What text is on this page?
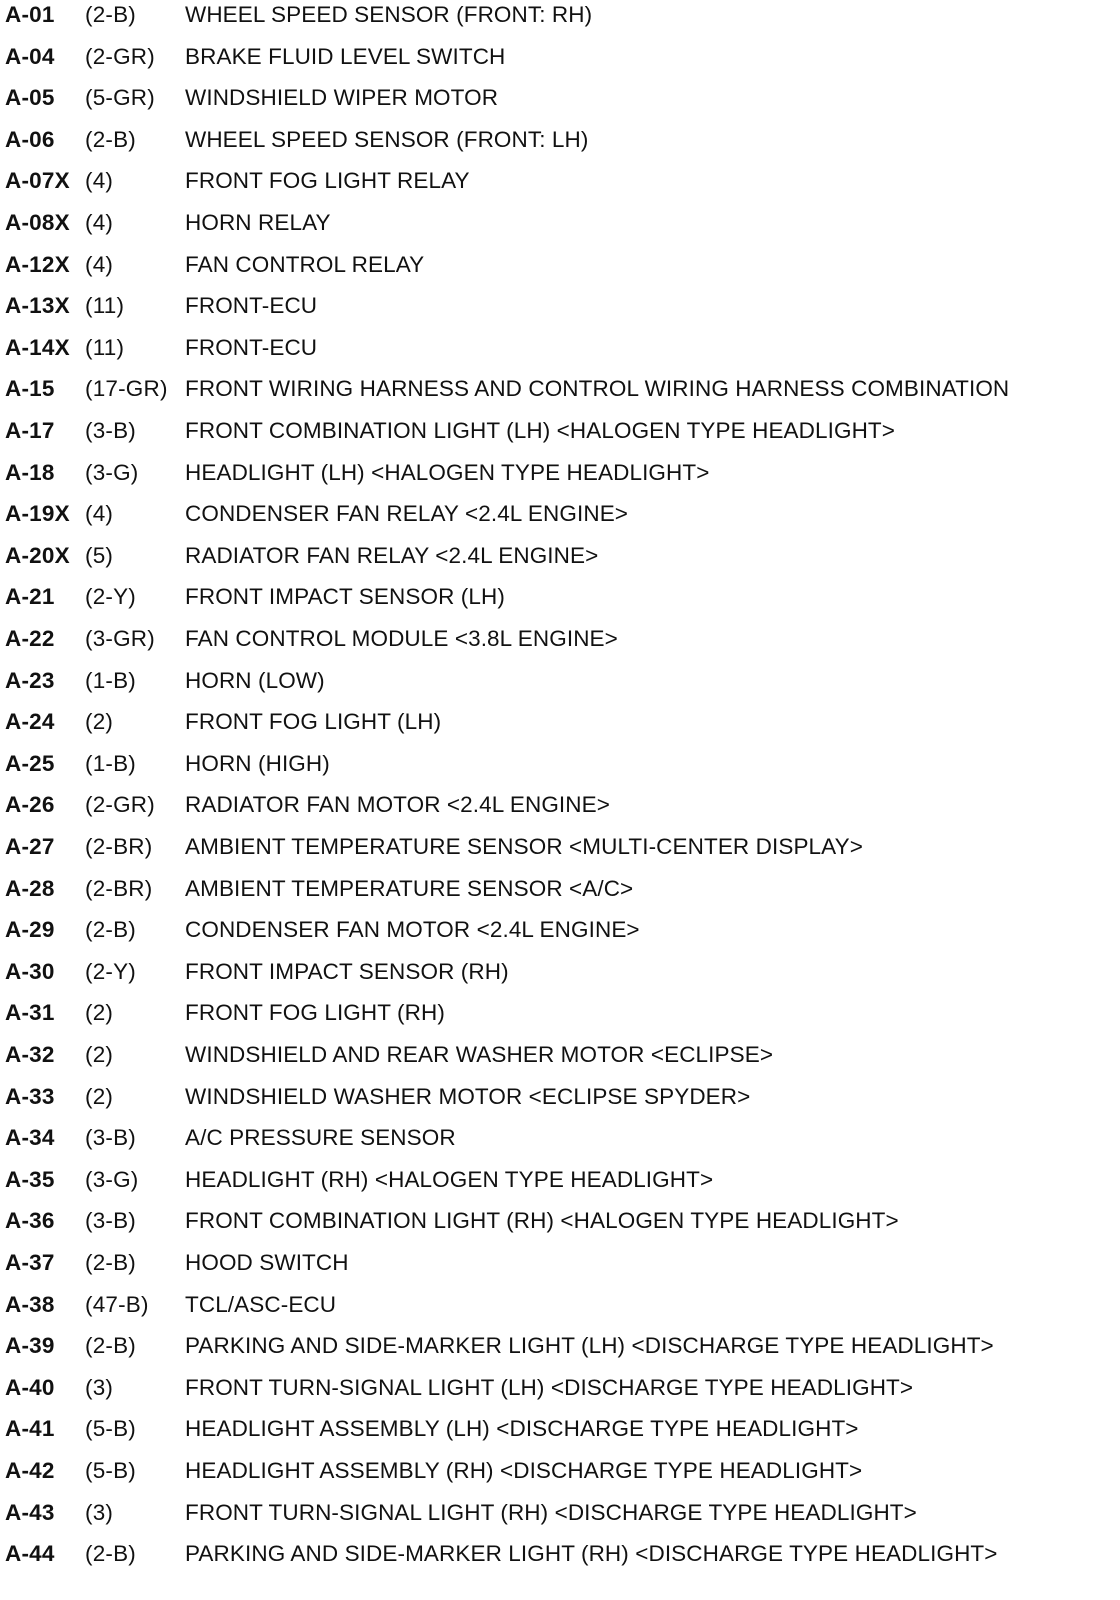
A-01 (2-B) WHEEL SPEED SENSOR (FRONT: RH)
A-04 (2-GR) BRAKE FLUID LEVEL SWITCH
A-05 (5-GR) WINDSHIELD WIPER MOTOR
A-06 (2-B) WHEEL SPEED SENSOR (FRONT: LH)
A-07X (4)	FRONT FOG LIGHT RELAY
A-08X (4)	HORN RELAY
A-12X (4)	FAN CONTROL RELAY
A-13X (11)	FRONT-ECU
A-14X (11)	FRONT-ECU
A-15 (17-GR) FRONT WIRING HARNESS AND CONTROL WIRING HARNESS COMBINATION
A-17 (3-B) FRONT COMBINATION LIGHT (LH) <HALOGEN TYPE HEADLIGHT>
A-18 (3-G) HEADLIGHT (LH) <HALOGEN TYPE HEADLIGHT>
A-19X (4)	CONDENSER FAN RELAY <2.4L ENGINE>
A-20X (5)	RADIATOR FAN RELAY <2.4L ENGINE>
A-21 (2-Y) FRONT IMPACT SENSOR (LH)
A-22 (3-GR) FAN CONTROL MODULE <3.8L ENGINE>
A-23 (1-B) HORN (LOW)
A-24 (2)	FRONT FOG LIGHT (LH)
A-25 (1-B) HORN (HIGH)
A-26 (2-GR) RADIATOR FAN MOTOR <2.4L ENGINE>
A-27 (2-BR) AMBIENT TEMPERATURE SENSOR <MULTI-CENTER DISPLAY>
A-28 (2-BR) AMBIENT TEMPERATURE SENSOR <A/C>
A-29 (2-B) CONDENSER FAN MOTOR <2.4L ENGINE>
A-30 (2-Y) FRONT IMPACT SENSOR (RH)
A-31 (2)	FRONT FOG LIGHT (RH)
A-32 (2)	WINDSHIELD AND REAR WASHER MOTOR <ECLIPSE>
A-33 (2)	WINDSHIELD WASHER MOTOR <ECLIPSE SPYDER>
A-34 (3-B) A/C PRESSURE SENSOR
A-35 (3-G) HEADLIGHT (RH) <HALOGEN TYPE HEADLIGHT>
A-36 (3-B) FRONT COMBINATION LIGHT (RH) <HALOGEN TYPE HEADLIGHT>
A-37 (2-B) HOOD SWITCH
A-38 (47-B) TCL/ASC-ECU
A-39 (2-B) PARKING AND SIDE-MARKER LIGHT (LH) <DISCHARGE TYPE HEADLIGHT>
A-40 (3)	FRONT TURN-SIGNAL LIGHT (LH) <DISCHARGE TYPE HEADLIGHT>
A-41 (5-B) HEADLIGHT ASSEMBLY (LH) <DISCHARGE TYPE HEADLIGHT>
A-42 (5-B) HEADLIGHT ASSEMBLY (RH) <DISCHARGE TYPE HEADLIGHT>
A-43 (3)	FRONT TURN-SIGNAL LIGHT (RH) <DISCHARGE TYPE HEADLIGHT>
A-44 (2-B) PARKING AND SIDE-MARKER LIGHT (RH) <DISCHARGE TYPE HEADLIGHT>
